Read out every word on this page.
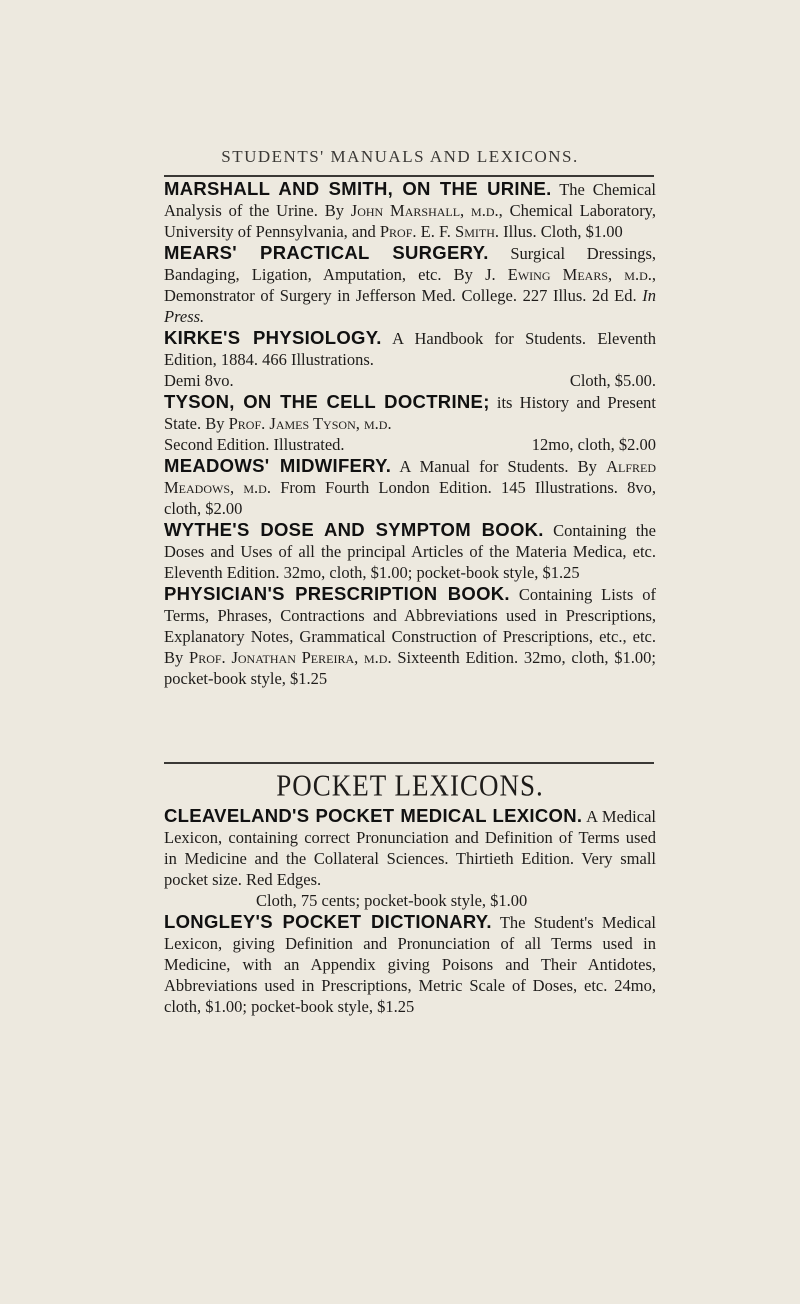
STUDENTS' MANUALS AND LEXICONS.

MARSHALL AND SMITH, ON THE URINE. The Chemical Analysis of the Urine. By John Marshall, m.d., Chemical Laboratory, University of Pennsylvania, and Prof. E. F. Smith. Illus. Cloth, $1.00

MEARS' PRACTICAL SURGERY. Surgical Dressings, Bandaging, Ligation, Amputation, etc. By J. Ewing Mears, m.d., Demonstrator of Surgery in Jefferson Med. College. 227 Illus. 2d Ed. In Press.

KIRKE'S PHYSIOLOGY. A Handbook for Students. Eleventh Edition, 1884. 466 Illustrations.
Demi 8vo.	Cloth, $5.00.
TYSON, ON THE CELL DOCTRINE; its History and Present State. By Prof. James Tyson, m.d.
Second Edition. Illustrated.	12mo, cloth, $2.00

MEADOWS' MIDWIFERY. A Manual for Students. By Alfred Meadows, m.d. From Fourth London Edition. 145 Illustrations. 8vo, cloth, $2.00

WYTHE'S DOSE AND SYMPTOM BOOK. Containing the Doses and Uses of all the principal Articles of the Materia Medica, etc. Eleventh Edition. 32mo, cloth, $1.00; pocket-book style, $1.25

PHYSICIAN'S PRESCRIPTION BOOK. Containing Lists of Terms, Phrases, Contractions and Abbreviations used in Prescriptions, Explanatory Notes, Grammatical Construction of Prescriptions, etc., etc. By Prof. Jonathan Pereira, m.d. Sixteenth Edition. 32mo, cloth, $1.00; pocket-book style, $1.25

POCKET LEXICONS.

CLEAVELAND'S POCKET MEDICAL LEXICON. A Medical Lexicon, containing correct Pronunciation and Definition of Terms used in Medicine and the Collateral Sciences. Thirtieth Edition. Very small pocket size. Red Edges.
Cloth, 75 cents; pocket-book style, $1.00

LONGLEY'S POCKET DICTIONARY. The Student's Medical Lexicon, giving Definition and Pronunciation of all Terms used in Medicine, with an Appendix giving Poisons and Their Antidotes, Abbreviations used in Prescriptions, Metric Scale of Doses, etc. 24mo, cloth, $1.00; pocket-book style, $1.25
